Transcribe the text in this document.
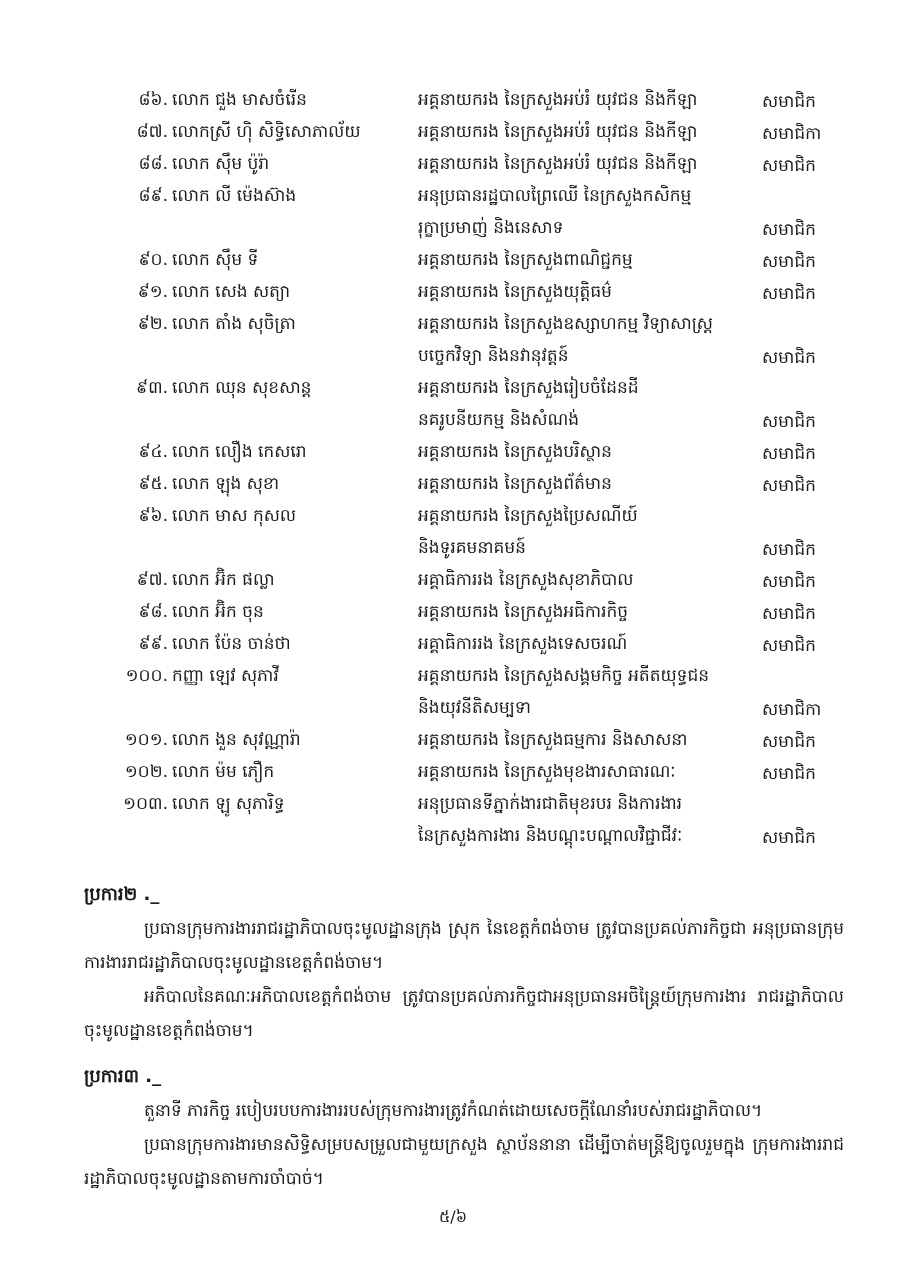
៨៦. លោក ជួង មាសចំរើន	អគ្គនាយករង នៃក្រសួងអប់រំ យុវជន និងកីឡា	សមាជិក
៨៧. លោកស្រី ហ៊ិ សិទ្ធិសោភាល័យ	អគ្គនាយករង នៃក្រសួងអប់រំ យុវជន និងកីឡា	សមាជិកា
៨៨. លោក ស៊ឹម ប៉ូរ៉ា	អគ្គនាយករង នៃក្រសួងអប់រំ យុវជន និងកីឡា	សមាជិក
៨៩. លោក លី ម៉េងស៊ាង	អនុប្រធានរដ្ឋបាលព្រៃឈើ នៃក្រសួងកសិកម្ម
រុក្ខាប្រមាញ់ និងនេសាទ	សមាជិក
៩០. លោក ស៊ឹម ទី	អគ្គនាយករង នៃក្រសួងពាណិជ្ជកម្ម	សមាជិក
៩១. លោក សេង សត្យា	អគ្គនាយករង នៃក្រសួងយុត្តិធម៌	សមាជិក
៩២. លោក តាំង សុចិត្រា	អគ្គនាយករង នៃក្រសួងឧស្សាហកម្ម វិទ្យាសាស្ត្រ
បច្ចេកវិទ្យា និងនវានុវត្តន៍	សមាជិក
៩៣. លោក ឈុន សុខសាន្ត	អគ្គនាយករង នៃក្រសួងរៀបចំដែនដី
នគរូបនីយកម្ម និងសំណង់	សមាជិក
៩៤. លោក លឿង កេសរោ	អគ្គនាយករង នៃក្រសួងបរិស្ថាន	សមាជិក
៩៥. លោក ឡុង សុខា	អគ្គនាយករង នៃក្រសួងព័ត៌មាន	សមាជិក
៩៦. លោក មាស កុសល	អគ្គនាយករង នៃក្រសួងប្រៃសណីយ៍
និងទូរគមនាគមន៍	សមាជិក
៩៧. លោក អ៊ិក ផល្លា	អគ្គាធិការរង នៃក្រសួងសុខាភិបាល	សមាជិក
៩៨. លោក អ៊ិក ចុន	អគ្គនាយករង នៃក្រសួងអធិការកិច្ច	សមាជិក
៩៩. លោក ប៉ែន ចាន់ថា	អគ្គាធិការរង នៃក្រសួងទេសចរណ៍	សមាជិក
១០០. កញ្ញា ឡេវ សុភាវី	អគ្គនាយករង នៃក្រសួងសង្គមកិច្ច អតីតយុទ្ធជន
និងយុវនីតិសម្បទា	សមាជិកា
១០១. លោក ងួន សុវណ្ណារ៉ា	អគ្គនាយករង នៃក្រសួងធម្មការ និងសាសនា	សមាជិក
១០២. លោក ម៉ម ភឿក	អគ្គនាយករង នៃក្រសួងមុខងារសាធារណៈ	សមាជិក
១០៣. លោក ឡូ សុភារិទ្ធ	អនុប្រធានទីភ្នាក់ងារជាតិមុខរបរ និងការងារ
នៃក្រសួងការងារ និងបណ្តុះបណ្តាលវិជ្ជាជីវៈ	សមាជិក
ប្រការ២ ._

ប្រធានក្រុមការងាររាជរដ្ឋាភិបាលចុះមូលដ្ឋានក្រុង ស្រុក នៃខេត្តកំពង់ចាម ត្រូវបានប្រគល់ភារកិច្ចជា អនុប្រធានក្រុមការងាររាជរដ្ឋាភិបាលចុះមូលដ្ឋានខេត្តកំពង់ចាម។

អភិបាលនៃគណៈអភិបាលខេត្តកំពង់ចាម ត្រូវបានប្រគល់ភារកិច្ចជាអនុប្រធានអចិន្ត្រៃយ៍ក្រុមការងារ រាជរដ្ឋាភិបាលចុះមូលដ្ឋានខេត្តកំពង់ចាម។

ប្រការ៣ ._

តួនាទី ភារកិច្ច របៀបរបបការងាររបស់ក្រុមការងារត្រូវកំណត់ដោយសេចក្តីណែនាំរបស់រាជរដ្ឋាភិបាល។

ប្រធានក្រុមការងារមានសិទ្ធិសម្របសម្រួលជាមួយក្រសួង ស្ថាប័ននានា ដើម្បីចាត់មន្ត្រីឱ្យចូលរួមក្នុង ក្រុមការងាររាជរដ្ឋាភិបាលចុះមូលដ្ឋានតាមការចាំបាច់។

៥/៦
